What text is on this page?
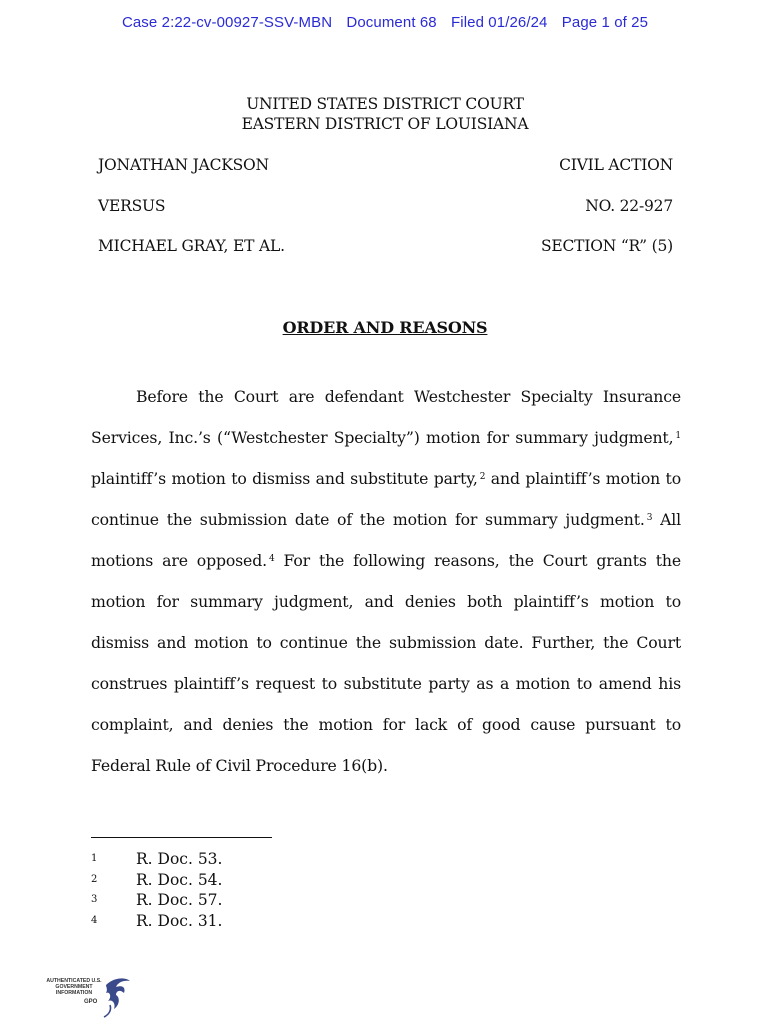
Case 2:22-cv-00927-SSV-MBN Document 68 Filed 01/26/24 Page 1 of 25
UNITED STATES DISTRICT COURT
EASTERN DISTRICT OF LOUISIANA
JONATHAN JACKSON	CIVIL ACTION
VERSUS	NO. 22-927
MICHAEL GRAY, ET AL.	SECTION “R” (5)
ORDER AND REASONS
Before the Court are defendant Westchester Specialty Insurance Services, Inc.’s (“Westchester Specialty”) motion for summary judgment, $^1$ plaintiff’s motion to dismiss and substitute party, $^2$ and plaintiff’s motion to continue the submission date of the motion for summary judgment. $^3$ All motions are opposed. $^4$ For the following reasons, the Court grants the motion for summary judgment, and denies both plaintiff’s motion to dismiss and motion to continue the submission date. Further, the Court construes plaintiff’s request to substitute party as a motion to amend his complaint, and denies the motion for lack of good cause pursuant to Federal Rule of Civil Procedure 16(b).
1	R. Doc. 53.
2	R. Doc. 54.
3	R. Doc. 57.
4	R. Doc. 31.
AUTHENTICATED U.S. GOVERNMENT INFORMATION
GPO
